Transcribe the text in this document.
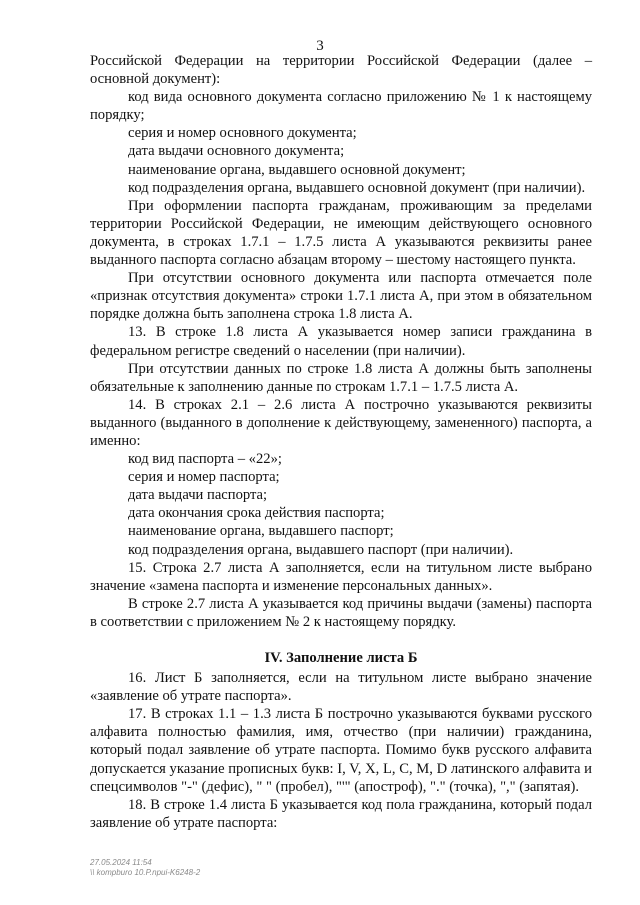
3

Российской Федерации на территории Российской Федерации (далее – основной документ):

код вида основного документа согласно приложению № 1 к настоящему порядку;

серия и номер основного документа;

дата выдачи основного документа;

наименование органа, выдавшего основной документ;

код подразделения органа, выдавшего основной документ (при наличии).

При оформлении паспорта гражданам, проживающим за пределами территории Российской Федерации, не имеющим действующего основного документа, в строках 1.7.1 – 1.7.5 листа А указываются реквизиты ранее выданного паспорта согласно абзацам второму – шестому настоящего пункта.

При отсутствии основного документа или паспорта отмечается поле «признак отсутствия документа» строки 1.7.1 листа А, при этом в обязательном порядке должна быть заполнена строка 1.8 листа А.

13. В строке 1.8 листа А указывается номер записи гражданина в федеральном регистре сведений о населении (при наличии).

При отсутствии данных по строке 1.8 листа А должны быть заполнены обязательные к заполнению данные по строкам 1.7.1 – 1.7.5 листа А.

14. В строках 2.1 – 2.6 листа А построчно указываются реквизиты выданного (выданного в дополнение к действующему, замененного) паспорта, а именно:

код вид паспорта – «22»;

серия и номер паспорта;

дата выдачи паспорта;

дата окончания срока действия паспорта;

наименование органа, выдавшего паспорт;

код подразделения органа, выдавшего паспорт (при наличии).

15. Строка 2.7 листа А заполняется, если на титульном листе выбрано значение «замена паспорта и изменение персональных данных».

В строке 2.7 листа А указывается код причины выдачи (замены) паспорта в соответствии с приложением № 2 к настоящему порядку.

IV. Заполнение листа Б

16. Лист Б заполняется, если на титульном листе выбрано значение «заявление об утрате паспорта».

17. В строках 1.1 – 1.3 листа Б построчно указываются буквами русского алфавита полностью фамилия, имя, отчество (при наличии) гражданина, который подал заявление об утрате паспорта. Помимо букв русского алфавита допускается указание прописных букв: I, V, X, L, C, M, D латинского алфавита и спецсимволов "-" (дефис), " " (пробел), "'" (апостроф), "." (точка), "," (запятая).

18. В строке 1.4 листа Б указывается код пола гражданина, который подал заявление об утрате паспорта:

27.05.2024 11:54
\\ kompburo 10.P.npui-K6248-2
